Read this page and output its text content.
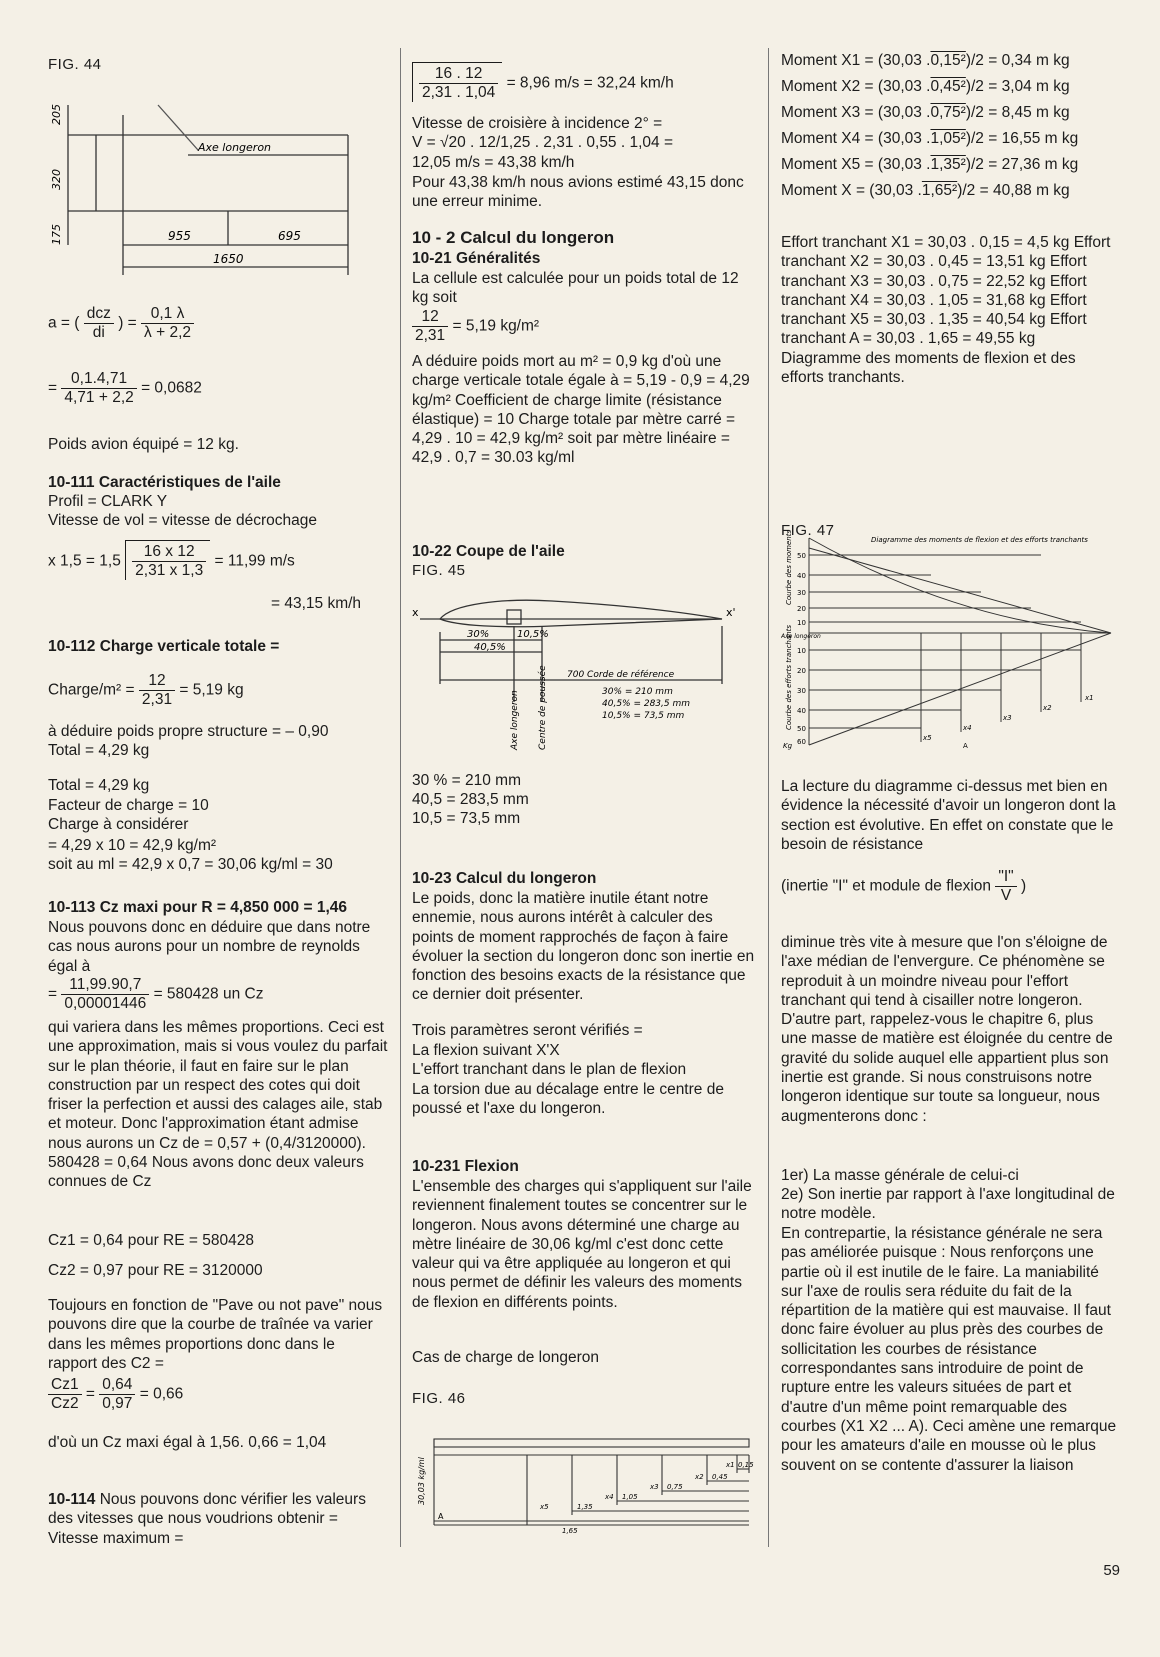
FIG. 44
Axe longeron
205
320
175	955	695
1650
a = ( $\frac{\text{dcz}}{di}$ ) = $\frac{0,1 \lambda}{\lambda + 2,2}$
= $\frac{0,1.4,71}{4,71 + 2,2} = 0,0682$
Poids avion équipé = 12 kg.
10-111 Caractéristiques de l'aile
Profil = CLARK Y
Vitesse de vol = vitesse de décrochage
x $1,5 = 1,5 \frac{16 x 12}{2,31 x 1,3} = 11,99$ m/s
= 43,15 km/h
10-112 Charge verticale totale =
Charge/m² = $\frac{12}{2,31} = 5,19$ kg
à déduire poids propre structure = – 0,90
Total = 4,29 kg
Total = 4,29 kg
Facteur de charge = 10
Charge à considérer
= 4,29 x 10 = 42,9 kg/m²
soit au ml = 42,9 x 0,7 = 30,06 kg/ml = 30
10-113 Cz maxi pour R = 4,850 000 = 1,46
Nous pouvons donc en déduire que dans notre cas nous aurons pour un nombre de reynolds égal à
= $\frac{11,99.90,7}{0,00001446} = 580428$ un Cz
qui variera dans les mêmes proportions. Ceci est une approximation, mais si vous voulez du parfait sur le plan théorie, il faut en faire sur le plan construction par un respect des cotes qui doit friser la perfection et aussi des calages aile, stab et moteur. Donc l'approximation étant admise nous aurons un Cz de = 0,57 + (0,4/3120000). 580428 = 0,64 Nous avons donc deux valeurs connues de Cz
Cz1 = 0,64 pour RE = 580428
Cz2 = 0,97 pour RE = 3120000
Toujours en fonction de "Pave ou not pave" nous pouvons dire que la courbe de traînée va varier dans les mêmes proportions donc dans le rapport des C2 =
$\frac{Cz1}{Cz2} = \frac{0,64}{0,97} = 0,66$
d'où un Cz maxi égal à 1,56. 0,66 = 1,04
10-114 Nous pouvons donc vérifier les valeurs des vitesses que nous voudrions obtenir = Vitesse maximum =
$\frac{16 . 12}{2,31 . 1,04} = 8,96$ m/s = 32,24 km/h
Vitesse de croisière à incidence 2° =
V = √20 . 12/1,25 . 2,31 . 0,55 . 1,04 =
12,05 m/s = 43,38 km/h
Pour 43,38 km/h nous avions estimé 43,15 donc une erreur minime.
10 - 2 Calcul du longeron
10-21 Généralités
La cellule est calculée pour un poids total de 12 kg soit
$\frac{12}{2,31} = 5,19$ kg/m²
A déduire poids mort au m² = 0,9 kg d'où une charge verticale totale égale à = 5,19 - 0,9 = 4,29 kg/m² Coefficient de charge limite (résistance élastique) = 10 Charge totale par mètre carré = 4,29 . 10 = 42,9 kg/m² soit par mètre linéaire = 42,9 . 0,7 = 30.03 kg/ml
10-22 Coupe de l'aile
FIG. 45
x	x'
30%	10,5%
40,5%
700 Corde de référence
30% = 210 mm
40,5% = 283,5 mm
10,5% = 73,5 mm
Axe longeron Centre de poussée
30 % = 210 mm
40,5 = 283,5 mm
10,5 = 73,5 mm
10-23 Calcul du longeron
Le poids, donc la matière inutile étant notre ennemie, nous aurons intérêt à calculer des points de moment rapprochés de façon à faire évoluer la section du longeron donc son inertie en fonction des besoins exacts de la résistance que ce dernier doit présenter.
Trois paramètres seront vérifiés =
La flexion suivant X'X
L'effort tranchant dans le plan de flexion
La torsion due au décalage entre le centre de poussé et l'axe du longeron.
10-231 Flexion
L'ensemble des charges qui s'appliquent sur l'aile reviennent finalement toutes se concentrer sur le longeron. Nous avons déterminé une charge au mètre linéaire de 30,06 kg/ml c'est donc cette valeur qui va être appliquée au longeron et qui nous permet de définir les valeurs des moments de flexion en différents points.
Cas de charge de longeron
FIG. 46
30,03 kg/ml
A
0,15
0,45
0,75
1,05
1,35
1,65
x1
x2
x3
x4
x5
Moment X1 = (30,03 .0,15²)/2 = 0,34 m kg
Moment X2 = (30,03 .0,45²)/2 = 3,04 m kg
Moment X3 = (30,03 .0,75²)/2 = 8,45 m kg
Moment X4 = (30,03 .1,05²)/2 = 16,55 m kg
Moment X5 = (30,03 .1,35²)/2 = 27,36 m kg
Moment X = (30,03 .1,65²)/2 = 40,88 m kg
Effort tranchant X1 = 30,03 . 0,15 = 4,5 kg Effort tranchant X2 = 30,03 . 0,45 = 13,51 kg Effort tranchant X3 = 30,03 . 0,75 = 22,52 kg Effort tranchant X4 = 30,03 . 1,05 = 31,68 kg Effort tranchant X5 = 30,03 . 1,35 = 40,54 kg Effort tranchant A = 30,03 . 1,65 = 49,55 kg Diagramme des moments de flexion et des efforts tranchants.
FIG. 47
Diagramme des moments de flexion et des efforts tranchants
Courbe des moments
Courbe des efforts tranchants
Axe longeron
Kg
50
40
30
20
10
10
20
30
40
50
60	A
x1
x2
x3
x4
x5
La lecture du diagramme ci-dessus met bien en évidence la nécessité d'avoir un longeron dont la section est évolutive. En effet on constate que le besoin de résistance
(inertie "I" et module de flexion $\frac{"I"}{V}$ )
diminue très vite à mesure que l'on s'éloigne de l'axe médian de l'envergure. Ce phénomène se reproduit à un moindre niveau pour l'effort tranchant qui tend à cisailler notre longeron. D'autre part, rappelez-vous le chapitre 6, plus une masse de matière est éloignée du centre de gravité du solide auquel elle appartient plus son inertie est grande. Si nous construisons notre longeron identique sur toute sa longueur, nous augmenterons donc :
1er) La masse générale de celui-ci
2e) Son inertie par rapport à l'axe longitudinal de notre modèle.
En contrepartie, la résistance générale ne sera pas améliorée puisque : Nous renforçons une partie où il est inutile de le faire. La maniabilité sur l'axe de roulis sera réduite du fait de la répartition de la matière qui est mauvaise. Il faut donc faire évoluer au plus près des courbes de sollicitation les courbes de résistance correspondantes sans introduire de point de rupture entre les valeurs situées de part et d'autre d'un même point remarquable des courbes (X1 X2 ... A). Ceci amène une remarque pour les amateurs d'aile en mousse où le plus souvent on se contente d'assurer la liaison
59
